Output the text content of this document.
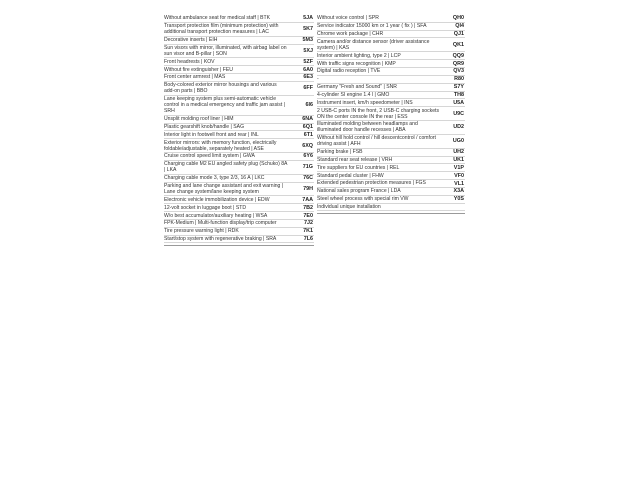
Without ambulance seat for medical staff | BTK	5JA
Transport protection film (minimum protection) with additional transport protection measures | LAC	5K7
Decorative inserts | EIH	5M3
Sun visors with mirror, illuminated, with airbag label on sun visor and B-pillar | SON	5XJ
Front headrests | KOV	5ZF
Without fire extinguisher | FEU	6A0
Front center armrest | MAS	6E3
Body-colored exterior mirror housings and various add-on parts | BBO	6FF
Lane keeping system plus semi-automatic vehicle control in a medical emergency and traffic jam assist | SRH
6I6
Unsplit molding roof liner | HIM	6NA
Plastic gearshift knob/handle | SAG	6Q1
Interior light in footwell front and rear | INL	6T1
Exterior mirrors: with memory function, electrically foldable/adjustable, separately heated | ASE	6XQ
Cruise control speed limit system | GWA	6Y6
Charging cable M2 EU angled safety plug (Schuko) 8A | LKA	71G
Charging cable mode 3, type 2/3, 16 A | LKC	76C
Parking and lane change assistant and exit warning | Lane change system/lane keeping system	79H
Electronic vehicle immobilization device | EDW	7AA
12-volt socket in luggage boot | STD	7B2
W/o best accumulator/auxiliary heating | WSA	7E0
FPK-Medium | Multi-function display/trip computer	7J2
Tire pressure warning light | RDK	7K1
Start/stop system with regenerative braking | SRA	7L6
Without voice control | SPR	QH0
Service indicator 15000 km or 1 year ( fix ) | SFA	QI4
Chrome work package | CHR	QJ1
Camera and/or distance sensor (driver assistance system) | KAS	QK1
Interior ambient lighting, type 2 | LCP	QQ9
With traffic signs recognition | KMP	QR9
Digital radio reception | TVE	QV3
-	R80
Germany "Fresh and Sound" | SNR	S7Y
4-cylinder SI engine 1.4 l | GMO	TH8
Instrument insert, km/h speedometer | INS	U5A
2 USB-C ports IN the front, 2 USB-C charging sockets ON the center console IN the rear | ESS	U9C
Illuminated molding between headlamps and illuminated door handle recesses | ABA	UD2
Without hill hold control / hill descentcontrol / comfort driving assist | AFH	UG0
Parking brake | FSB	UH2
Standard rear seat release | VRH	UK1
Tire suppliers for EU countries | REL	V1P
Standard pedal cluster | FHW	VF0
Extended pedestrian protection measures | FGS	VL1
National sales program France | LDA	X3A
Steel wheel process with special rim VW	Y0S
Individual unique installation
